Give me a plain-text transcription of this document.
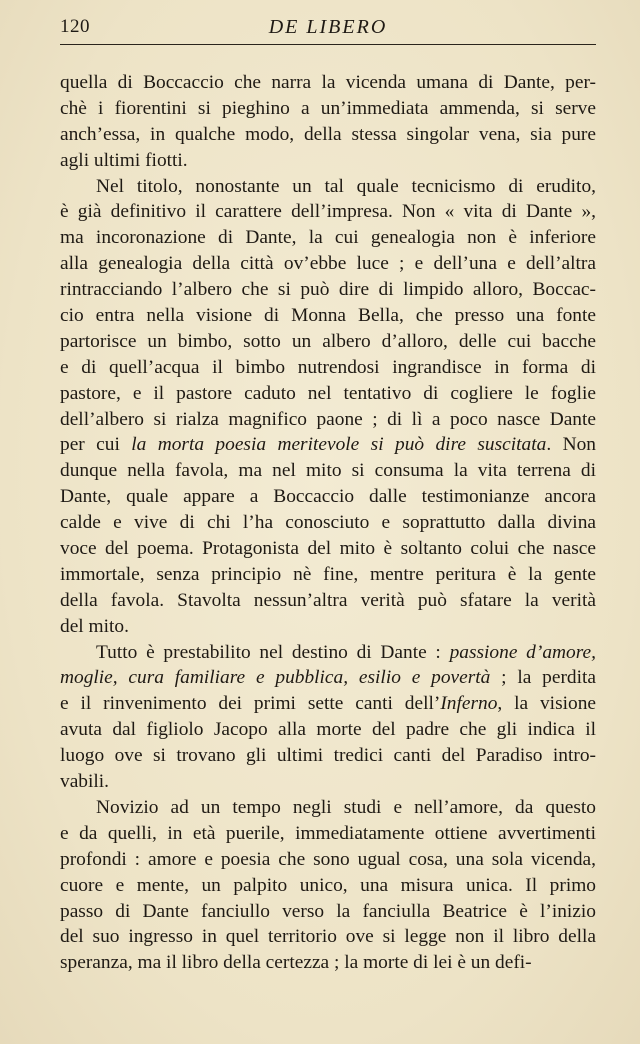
120	DE LIBERO
quella di Boccaccio che narra la vicenda umana di Dante, per-
chè i fiorentini si pieghino a un’immediata ammenda, si serve
anch’essa, in qualche modo, della stessa singolar vena, sia pure
agli ultimi fiotti.
Nel titolo, nonostante un tal quale tecnicismo di erudito,
è già definitivo il carattere dell’impresa. Non « vita di Dante »,
ma incoronazione di Dante, la cui genealogia non è inferiore
alla genealogia della città ov’ebbe luce ; e dell’una e dell’altra
rintracciando l’albero che si può dire di limpido alloro, Boccac-
cio entra nella visione di Monna Bella, che presso una fonte
partorisce un bimbo, sotto un albero d’alloro, delle cui bacche
e di quell’acqua il bimbo nutrendosi ingrandisce in forma di
pastore, e il pastore caduto nel tentativo di cogliere le foglie
dell’albero si rialza magnifico paone ; di lì a poco nasce Dante
per cui la morta poesia meritevole si può dire suscitata. Non
dunque nella favola, ma nel mito si consuma la vita terrena di
Dante, quale appare a Boccaccio dalle testimonianze ancora
calde e vive di chi l’ha conosciuto e soprattutto dalla divina
voce del poema. Protagonista del mito è soltanto colui che nasce
immortale, senza principio nè fine, mentre peritura è la gente
della favola. Stavolta nessun’altra verità può sfatare la verità
del mito.
Tutto è prestabilito nel destino di Dante : passione d’amore,
moglie, cura familiare e pubblica, esilio e povertà ; la perdita
e il rinvenimento dei primi sette canti dell’Inferno, la visione
avuta dal figliolo Jacopo alla morte del padre che gli indica il
luogo ove si trovano gli ultimi tredici canti del Paradiso intro-
vabili.
Novizio ad un tempo negli studi e nell’amore, da questo
e da quelli, in età puerile, immediatamente ottiene avvertimenti
profondi : amore e poesia che sono ugual cosa, una sola vicenda,
cuore e mente, un palpito unico, una misura unica. Il primo
passo di Dante fanciullo verso la fanciulla Beatrice è l’inizio
del suo ingresso in quel territorio ove si legge non il libro della
speranza, ma il libro della certezza ; la morte di lei è un defi-
